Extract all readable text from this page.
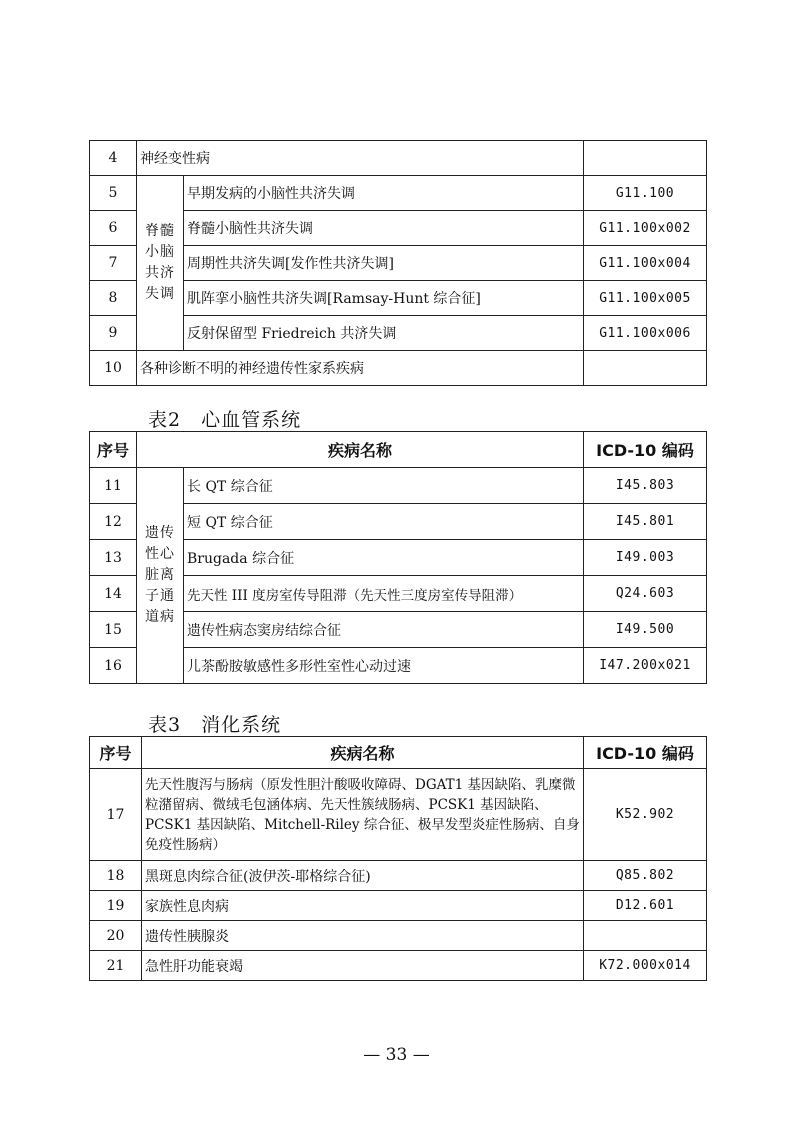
4	神经变性病		
5	脊髓小脑共济失调	早期发病的小脑性共济失调	G11.100
6		脊髓小脑性共济失调	G11.100x002
7		周期性共济失调[发作性共济失调]	G11.100x004
8		肌阵挛小脑性共济失调[Ramsay-Hunt 综合征]	G11.100x005
9		反射保留型 Friedreich 共济失调	G11.100x006
10	各种诊断不明的神经遗传性家系疾病		
表2　心血管系统
序号	疾病名称		ICD-10 编码
11	遗传性心脏离子通道病	长 QT 综合征	I45.803
12		短 QT 综合征	I45.801
13		Brugada 综合征	I49.003
14		先天性 III 度房室传导阻滞（先天性三度房室传导阻滞）	Q24.603
15		遗传性病态窦房结综合征	I49.500
16		儿茶酚胺敏感性多形性室性心动过速	I47.200x021
表3　消化系统
序号	疾病名称	ICD-10 编码
17	先天性腹泻与肠病（原发性胆汁酸吸收障碍、DGAT1 基因缺陷、乳糜微粒潴留病、微绒毛包涵体病、先天性簇绒肠病、PCSK1 基因缺陷、PCSK1 基因缺陷、Mitchell-Riley 综合征、极早发型炎症性肠病、自身免疫性肠病）	K52.902
18	黑斑息肉综合征(波伊茨-耶格综合征)	Q85.802
19	家族性息肉病	D12.601
20	遗传性胰腺炎	
21	急性肝功能衰竭	K72.000x014
— 33 —
